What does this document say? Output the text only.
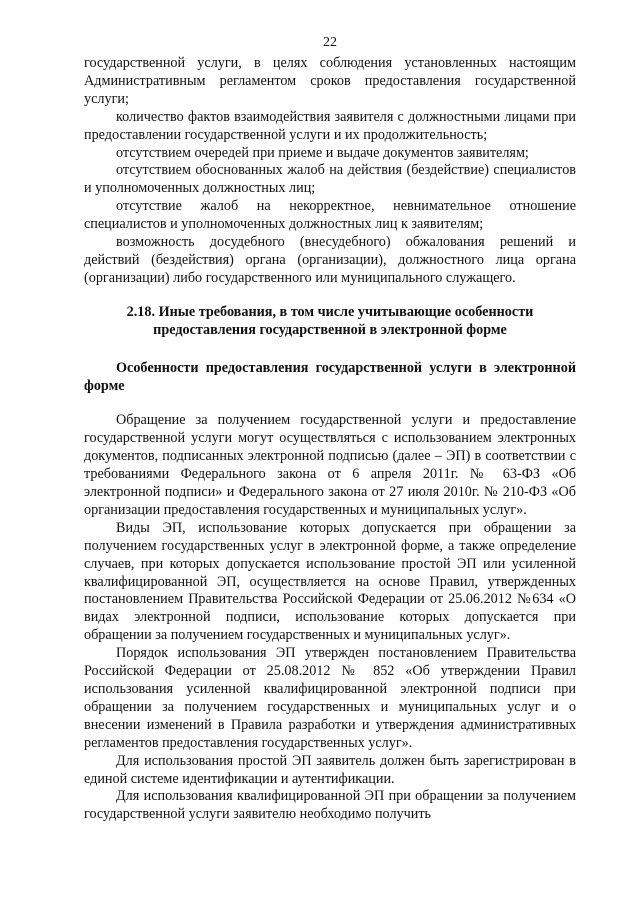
22

государственной услуги, в целях соблюдения установленных настоящим Административным регламентом сроков предоставления государственной услуги;

количество фактов взаимодействия заявителя с должностными лицами при предоставлении государственной услуги и их продолжительность;

отсутствием очередей при приеме и выдаче документов заявителям;

отсутствием обоснованных жалоб на действия (бездействие) специалистов и уполномоченных должностных лиц;

отсутствие жалоб на некорректное, невнимательное отношение специалистов и уполномоченных должностных лиц к заявителям;

возможность досудебного (внесудебного) обжалования решений и действий (бездействия) органа (организации), должностного лица органа (организации) либо государственного или муниципального служащего.

2.18. Иные требования, в том числе учитывающие особенности предоставления государственной в электронной форме

Особенности предоставления государственной услуги в электронной форме

Обращение за получением государственной услуги и предоставление государственной услуги могут осуществляться с использованием электронных документов, подписанных электронной подписью (далее – ЭП) в соответствии с требованиями Федерального закона от 6 апреля 2011г. № 63-ФЗ «Об электронной подписи» и Федерального закона от 27 июля 2010г. № 210-ФЗ «Об организации предоставления государственных и муниципальных услуг».

Виды ЭП, использование которых допускается при обращении за получением государственных услуг в электронной форме, а также определение случаев, при которых допускается использование простой ЭП или усиленной квалифицированной ЭП, осуществляется на основе Правил, утвержденных постановлением Правительства Российской Федерации от 25.06.2012 №634 «О видах электронной подписи, использование которых допускается при обращении за получением государственных и муниципальных услуг».

Порядок использования ЭП утвержден постановлением Правительства Российской Федерации от 25.08.2012 № 852 «Об утверждении Правил использования усиленной квалифицированной электронной подписи при обращении за получением государственных и муниципальных услуг и о внесении изменений в Правила разработки и утверждения административных регламентов предоставления государственных услуг».

Для использования простой ЭП заявитель должен быть зарегистрирован в единой системе идентификации и аутентификации.

Для использования квалифицированной ЭП при обращении за получением государственной услуги заявителю необходимо получить
